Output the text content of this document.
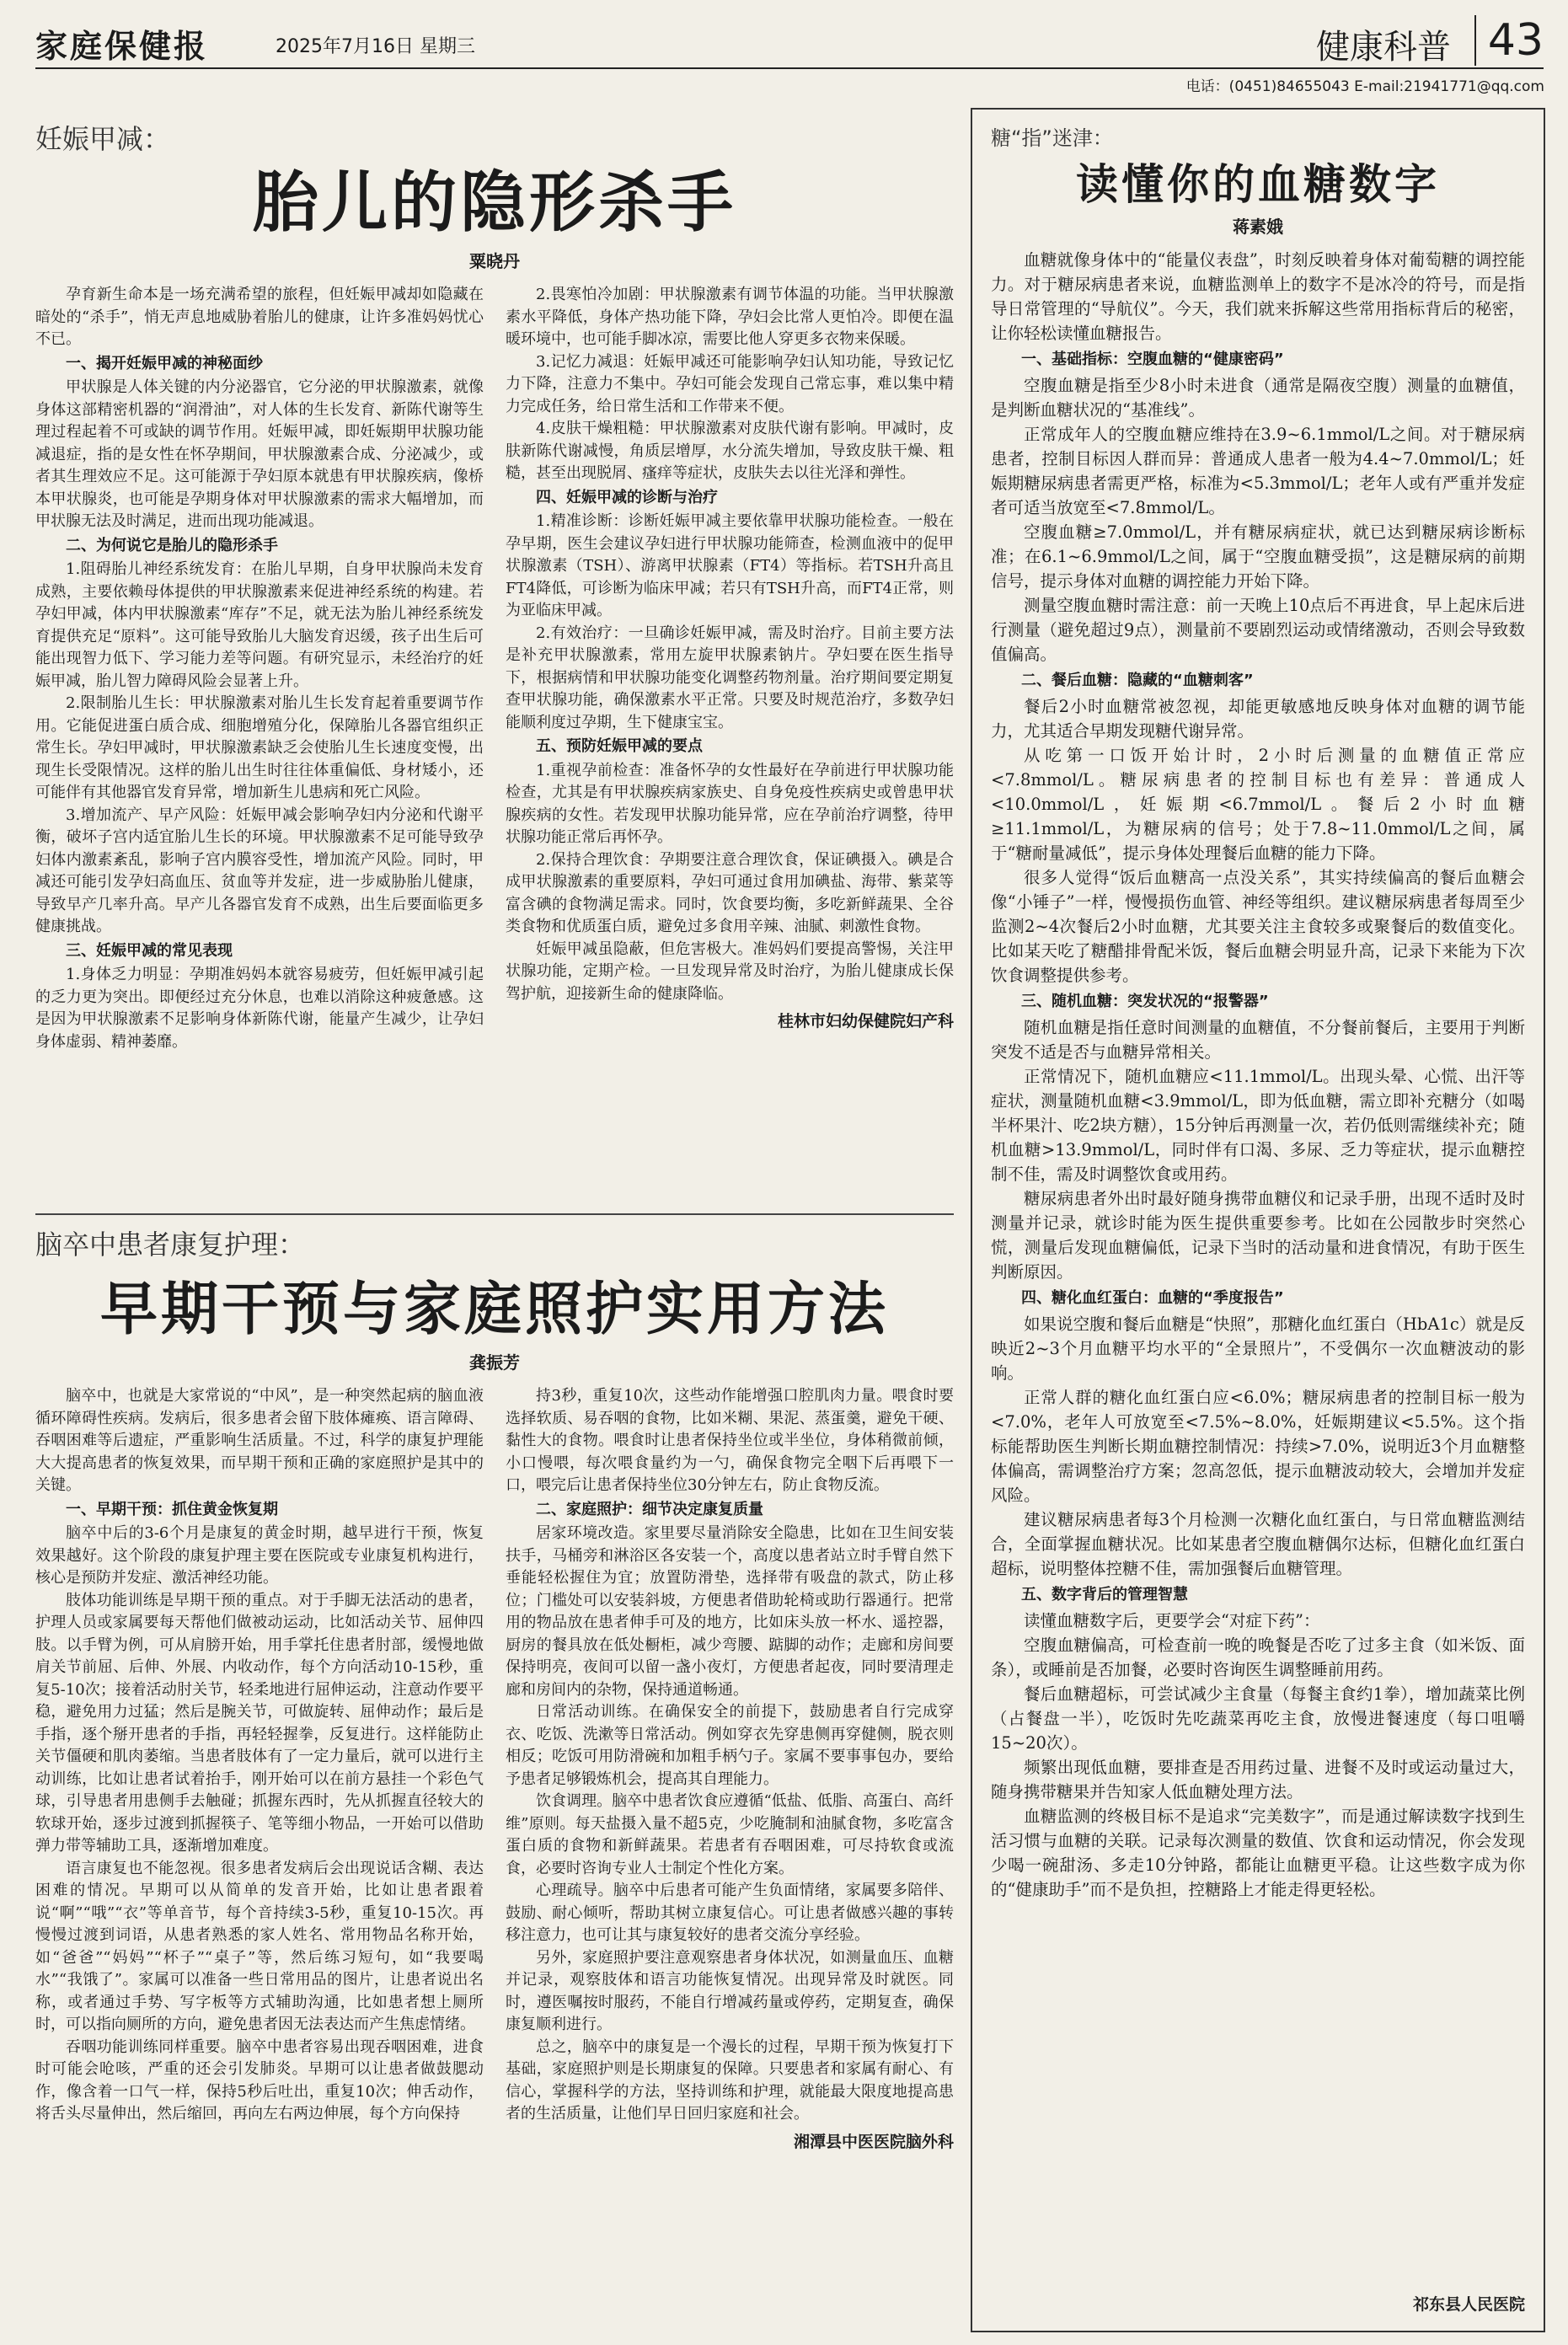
家庭保健报	2025年7月16日 星期三	健康科普 43
电话：(0451)84655043 E-mail:21941771@qq.com
妊娠甲减：
胎儿的隐形杀手
粟晓丹

孕育新生命本是一场充满希望的旅程，但妊娠甲减却如隐藏在暗处的“杀手”，悄无声息地威胁着胎儿的健康，让许多准妈妈忧心不已。

一、揭开妊娠甲减的神秘面纱

甲状腺是人体关键的内分泌器官，它分泌的甲状腺激素，就像身体这部精密机器的“润滑油”，对人体的生长发育、新陈代谢等生理过程起着不可或缺的调节作用。妊娠甲减，即妊娠期甲状腺功能减退症，指的是女性在怀孕期间，甲状腺激素合成、分泌减少，或者其生理效应不足。这可能源于孕妇原本就患有甲状腺疾病，像桥本甲状腺炎，也可能是孕期身体对甲状腺激素的需求大幅增加，而甲状腺无法及时满足，进而出现功能减退。

二、为何说它是胎儿的隐形杀手

1.阻碍胎儿神经系统发育：在胎儿早期，自身甲状腺尚未发育成熟，主要依赖母体提供的甲状腺激素来促进神经系统的构建。若孕妇甲减，体内甲状腺激素“库存”不足，就无法为胎儿神经系统发育提供充足“原料”。这可能导致胎儿大脑发育迟缓，孩子出生后可能出现智力低下、学习能力差等问题。有研究显示，未经治疗的妊娠甲减，胎儿智力障碍风险会显著上升。

2.限制胎儿生长：甲状腺激素对胎儿生长发育起着重要调节作用。它能促进蛋白质合成、细胞增殖分化，保障胎儿各器官组织正常生长。孕妇甲减时，甲状腺激素缺乏会使胎儿生长速度变慢，出现生长受限情况。这样的胎儿出生时往往体重偏低、身材矮小，还可能伴有其他器官发育异常，增加新生儿患病和死亡风险。

3.增加流产、早产风险：妊娠甲减会影响孕妇内分泌和代谢平衡，破坏子宫内适宜胎儿生长的环境。甲状腺激素不足可能导致孕妇体内激素紊乱，影响子宫内膜容受性，增加流产风险。同时，甲减还可能引发孕妇高血压、贫血等并发症，进一步威胁胎儿健康，导致早产几率升高。早产儿各器官发育不成熟，出生后要面临更多健康挑战。

三、妊娠甲减的常见表现

1.身体乏力明显：孕期准妈妈本就容易疲劳，但妊娠甲减引起的乏力更为突出。即便经过充分休息，也难以消除这种疲惫感。这是因为甲状腺激素不足影响身体新陈代谢，能量产生减少，让孕妇身体虚弱、精神萎靡。

2.畏寒怕冷加剧：甲状腺激素有调节体温的功能。当甲状腺激素水平降低，身体产热功能下降，孕妇会比常人更怕冷。即便在温暖环境中，也可能手脚冰凉，需要比他人穿更多衣物来保暖。

3.记忆力减退：妊娠甲减还可能影响孕妇认知功能，导致记忆力下降，注意力不集中。孕妇可能会发现自己常忘事，难以集中精力完成任务，给日常生活和工作带来不便。

4.皮肤干燥粗糙：甲状腺激素对皮肤代谢有影响。甲减时，皮肤新陈代谢减慢，角质层增厚，水分流失增加，导致皮肤干燥、粗糙，甚至出现脱屑、瘙痒等症状，皮肤失去以往光泽和弹性。

四、妊娠甲减的诊断与治疗

1.精准诊断：诊断妊娠甲减主要依靠甲状腺功能检查。一般在孕早期，医生会建议孕妇进行甲状腺功能筛查，检测血液中的促甲状腺激素（TSH）、游离甲状腺素（FT4）等指标。若TSH升高且FT4降低，可诊断为临床甲减；若只有TSH升高，而FT4正常，则为亚临床甲减。

2.有效治疗：一旦确诊妊娠甲减，需及时治疗。目前主要方法是补充甲状腺激素，常用左旋甲状腺素钠片。孕妇要在医生指导下，根据病情和甲状腺功能变化调整药物剂量。治疗期间要定期复查甲状腺功能，确保激素水平正常。只要及时规范治疗，多数孕妇能顺利度过孕期，生下健康宝宝。

五、预防妊娠甲减的要点

1.重视孕前检查：准备怀孕的女性最好在孕前进行甲状腺功能检查，尤其是有甲状腺疾病家族史、自身免疫性疾病史或曾患甲状腺疾病的女性。若发现甲状腺功能异常，应在孕前治疗调整，待甲状腺功能正常后再怀孕。

2.保持合理饮食：孕期要注意合理饮食，保证碘摄入。碘是合成甲状腺激素的重要原料，孕妇可通过食用加碘盐、海带、紫菜等富含碘的食物满足需求。同时，饮食要均衡，多吃新鲜蔬果、全谷类食物和优质蛋白质，避免过多食用辛辣、油腻、刺激性食物。

妊娠甲减虽隐蔽，但危害极大。准妈妈们要提高警惕，关注甲状腺功能，定期产检。一旦发现异常及时治疗，为胎儿健康成长保驾护航，迎接新生命的健康降临。

桂林市妇幼保健院妇产科
脑卒中患者康复护理：
早期干预与家庭照护实用方法
龚振芳

脑卒中，也就是大家常说的“中风”，是一种突然起病的脑血液循环障碍性疾病。发病后，很多患者会留下肢体瘫痪、语言障碍、吞咽困难等后遗症，严重影响生活质量。不过，科学的康复护理能大大提高患者的恢复效果，而早期干预和正确的家庭照护是其中的关键。

一、早期干预：抓住黄金恢复期

脑卒中后的3-6个月是康复的黄金时期，越早进行干预，恢复效果越好。这个阶段的康复护理主要在医院或专业康复机构进行，核心是预防并发症、激活神经功能。

肢体功能训练是早期干预的重点。对于手脚无法活动的患者，护理人员或家属要每天帮他们做被动运动，比如活动关节、屈伸四肢。以手臂为例，可从肩膀开始，用手掌托住患者肘部，缓慢地做肩关节前屈、后伸、外展、内收动作，每个方向活动10-15秒，重复5-10次；接着活动肘关节，轻柔地进行屈伸运动，注意动作要平稳，避免用力过猛；然后是腕关节，可做旋转、屈伸动作；最后是手指，逐个掰开患者的手指，再轻轻握拳，反复进行。这样能防止关节僵硬和肌肉萎缩。当患者肢体有了一定力量后，就可以进行主动训练，比如让患者试着抬手，刚开始可以在前方悬挂一个彩色气球，引导患者用患侧手去触碰；抓握东西时，先从抓握直径较大的软球开始，逐步过渡到抓握筷子、笔等细小物品，一开始可以借助弹力带等辅助工具，逐渐增加难度。

语言康复也不能忽视。很多患者发病后会出现说话含糊、表达困难的情况。早期可以从简单的发音开始，比如让患者跟着说“啊”“哦”“衣”等单音节，每个音持续3-5秒，重复10-15次。再慢慢过渡到词语，从患者熟悉的家人姓名、常用物品名称开始，如“爸爸”“妈妈”“杯子”“桌子”等，然后练习短句，如“我要喝水”“我饿了”。家属可以准备一些日常用品的图片，让患者说出名称，或者通过手势、写字板等方式辅助沟通，比如患者想上厕所时，可以指向厕所的方向，避免患者因无法表达而产生焦虑情绪。

吞咽功能训练同样重要。脑卒中患者容易出现吞咽困难，进食时可能会呛咳，严重的还会引发肺炎。早期可以让患者做鼓腮动作，像含着一口气一样，保持5秒后吐出，重复10次；伸舌动作，将舌头尽量伸出，然后缩回，再向左右两边伸展，每个方向保持

持3秒，重复10次，这些动作能增强口腔肌肉力量。喂食时要选择软质、易吞咽的食物，比如米糊、果泥、蒸蛋羹，避免干硬、黏性大的食物。喂食时让患者保持坐位或半坐位，身体稍微前倾，小口慢喂，每次喂食量约为一勺，确保食物完全咽下后再喂下一口，喂完后让患者保持坐位30分钟左右，防止食物反流。

二、家庭照护：细节决定康复质量

居家环境改造。家里要尽量消除安全隐患，比如在卫生间安装扶手，马桶旁和淋浴区各安装一个，高度以患者站立时手臂自然下垂能轻松握住为宜；放置防滑垫，选择带有吸盘的款式，防止移位；门槛处可以安装斜坡，方便患者借助轮椅或助行器通行。把常用的物品放在患者伸手可及的地方，比如床头放一杯水、遥控器，厨房的餐具放在低处橱柜，减少弯腰、踮脚的动作；走廊和房间要保持明亮，夜间可以留一盏小夜灯，方便患者起夜，同时要清理走廊和房间内的杂物，保持通道畅通。

日常活动训练。在确保安全的前提下，鼓励患者自行完成穿衣、吃饭、洗漱等日常活动。例如穿衣先穿患侧再穿健侧，脱衣则相反；吃饭可用防滑碗和加粗手柄勺子。家属不要事事包办，要给予患者足够锻炼机会，提高其自理能力。

饮食调理。脑卒中患者饮食应遵循“低盐、低脂、高蛋白、高纤维”原则。每天盐摄入量不超5克，少吃腌制和油腻食物，多吃富含蛋白质的食物和新鲜蔬果。若患者有吞咽困难，可尽持软食或流食，必要时咨询专业人士制定个性化方案。

心理疏导。脑卒中后患者可能产生负面情绪，家属要多陪伴、鼓励、耐心倾听，帮助其树立康复信心。可让患者做感兴趣的事转移注意力，也可让其与康复较好的患者交流分享经验。

另外，家庭照护要注意观察患者身体状况，如测量血压、血糖并记录，观察肢体和语言功能恢复情况。出现异常及时就医。同时，遵医嘱按时服药，不能自行增减药量或停药，定期复查，确保康复顺利进行。

总之，脑卒中的康复是一个漫长的过程，早期干预为恢复打下基础，家庭照护则是长期康复的保障。只要患者和家属有耐心、有信心，掌握科学的方法，坚持训练和护理，就能最大限度地提高患者的生活质量，让他们早日回归家庭和社会。

湘潭县中医医院脑外科
糖“指”迷津：
读懂你的血糖数字
蒋素娥

血糖就像身体中的“能量仪表盘”，时刻反映着身体对葡萄糖的调控能力。对于糖尿病患者来说，血糖监测单上的数字不是冰冷的符号，而是指导日常管理的“导航仪”。今天，我们就来拆解这些常用指标背后的秘密，让你轻松读懂血糖报告。

一、基础指标：空腹血糖的“健康密码”

空腹血糖是指至少8小时未进食（通常是隔夜空腹）测量的血糖值，是判断血糖状况的“基准线”。

正常成年人的空腹血糖应维持在3.9~6.1mmol/L之间。对于糖尿病患者，控制目标因人群而异：普通成人患者一般为4.4~7.0mmol/L；妊娠期糖尿病患者需更严格，标准为<5.3mmol/L；老年人或有严重并发症者可适当放宽至<7.8mmol/L。

空腹血糖≥7.0mmol/L，并有糖尿病症状，就已达到糖尿病诊断标准；在6.1~6.9mmol/L之间，属于“空腹血糖受损”，这是糖尿病的前期信号，提示身体对血糖的调控能力开始下降。

测量空腹血糖时需注意：前一天晚上10点后不再进食，早上起床后进行测量（避免超过9点），测量前不要剧烈运动或情绪激动，否则会导致数值偏高。

二、餐后血糖：隐藏的“血糖刺客”

餐后2小时血糖常被忽视，却能更敏感地反映身体对血糖的调节能力，尤其适合早期发现糖代谢异常。

从吃第一口饭开始计时，2小时后测量的血糖值正常应<7.8mmol/L。糖尿病患者的控制目标也有差异：普通成人<10.0mmol/L，妊娠期<6.7mmol/L。餐后2小时血糖≥11.1mmol/L，为糖尿病的信号；处于7.8~11.0mmol/L之间，属于“糖耐量减低”，提示身体处理餐后血糖的能力下降。

很多人觉得“饭后血糖高一点没关系”，其实持续偏高的餐后血糖会像“小锤子”一样，慢慢损伤血管、神经等组织。建议糖尿病患者每周至少监测2~4次餐后2小时血糖，尤其要关注主食较多或聚餐后的数值变化。比如某天吃了糖醋排骨配米饭，餐后血糖会明显升高，记录下来能为下次饮食调整提供参考。

三、随机血糖：突发状况的“报警器”

随机血糖是指任意时间测量的血糖值，不分餐前餐后，主要用于判断突发不适是否与血糖异常相关。

正常情况下，随机血糖应<11.1mmol/L。出现头晕、心慌、出汗等症状，测量随机血糖<3.9mmol/L，即为低血糖，需立即补充糖分（如喝半杯果汁、吃2块方糖），15分钟后再测量一次，若仍低则需继续补充；随机血糖>13.9mmol/L，同时伴有口渴、多尿、乏力等症状，提示血糖控制不佳，需及时调整饮食或用药。

糖尿病患者外出时最好随身携带血糖仪和记录手册，出现不适时及时测量并记录，就诊时能为医生提供重要参考。比如在公园散步时突然心慌，测量后发现血糖偏低，记录下当时的活动量和进食情况，有助于医生判断原因。

四、糖化血红蛋白：血糖的“季度报告”

如果说空腹和餐后血糖是“快照”，那糖化血红蛋白（HbA1c）就是反映近2~3个月血糖平均水平的“全景照片”，不受偶尔一次血糖波动的影响。

正常人群的糖化血红蛋白应<6.0%；糖尿病患者的控制目标一般为<7.0%，老年人可放宽至<7.5%~8.0%，妊娠期建议<5.5%。这个指标能帮助医生判断长期血糖控制情况：持续>7.0%，说明近3个月血糖整体偏高，需调整治疗方案；忽高忽低，提示血糖波动较大，会增加并发症风险。

建议糖尿病患者每3个月检测一次糖化血红蛋白，与日常血糖监测结合，全面掌握血糖状况。比如某患者空腹血糖偶尔达标，但糖化血红蛋白超标，说明整体控糖不佳，需加强餐后血糖管理。

五、数字背后的管理智慧

读懂血糖数字后，更要学会“对症下药”：

空腹血糖偏高，可检查前一晚的晚餐是否吃了过多主食（如米饭、面条），或睡前是否加餐，必要时咨询医生调整睡前用药。

餐后血糖超标，可尝试减少主食量（每餐主食约1拳），增加蔬菜比例（占餐盘一半），吃饭时先吃蔬菜再吃主食，放慢进餐速度（每口咀嚼15~20次）。

频繁出现低血糖，要排查是否用药过量、进餐不及时或运动量过大，随身携带糖果并告知家人低血糖处理方法。

血糖监测的终极目标不是追求“完美数字”，而是通过解读数字找到生活习惯与血糖的关联。记录每次测量的数值、饮食和运动情况，你会发现少喝一碗甜汤、多走10分钟路，都能让血糖更平稳。让这些数字成为你的“健康助手”而不是负担，控糖路上才能走得更轻松。

祁东县人民医院
